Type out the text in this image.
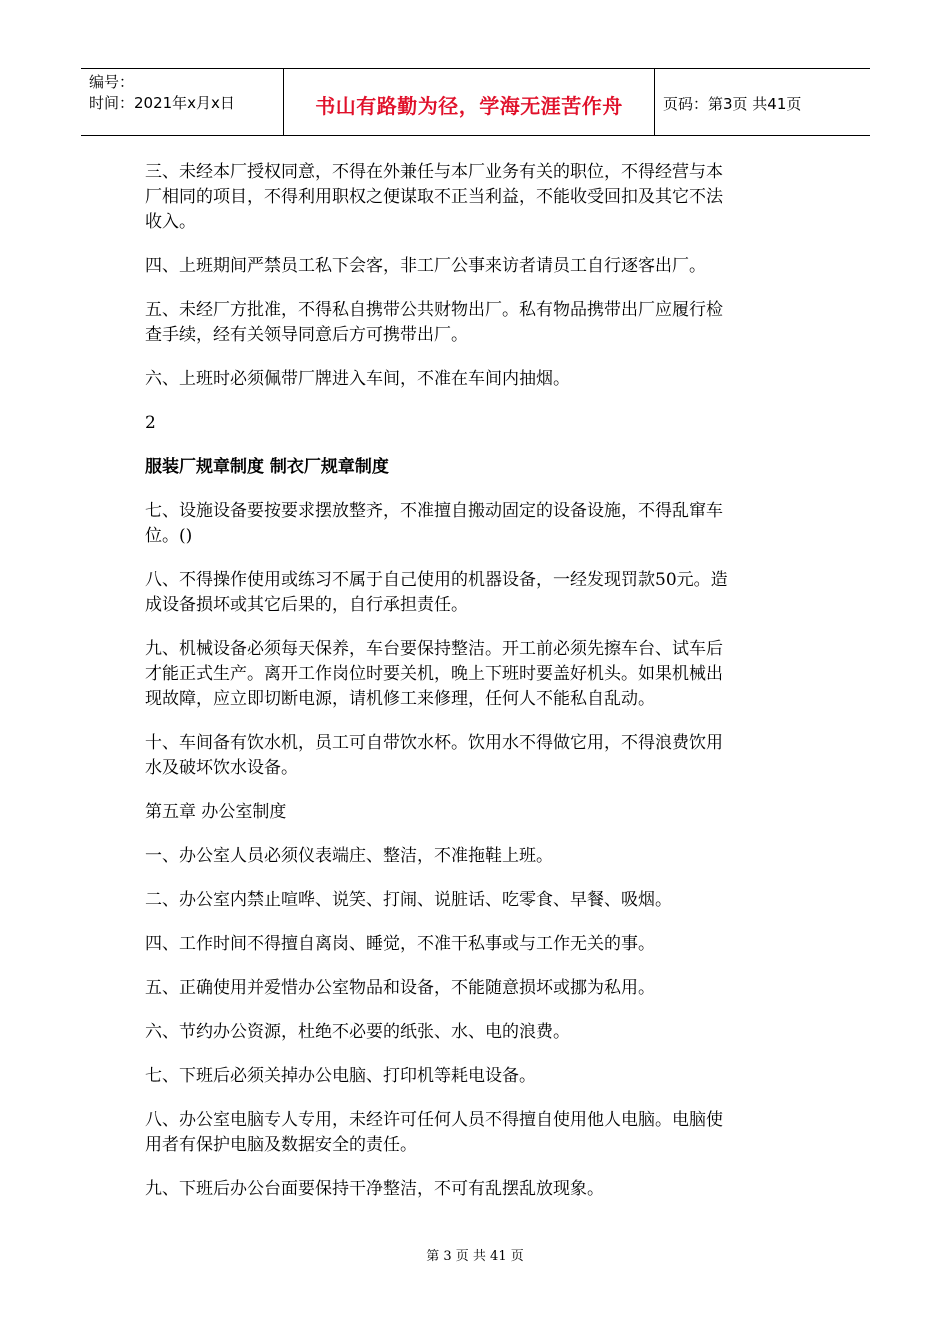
编号：
时间：2021年x月x日	书山有路勤为径，学海无涯苦作舟	页码：第3页 共41页
三、未经本厂授权同意，不得在外兼任与本厂业务有关的职位，不得经营与本
厂相同的项目，不得利用职权之便谋取不正当利益，不能收受回扣及其它不法
收入。
四、上班期间严禁员工私下会客，非工厂公事来访者请员工自行逐客出厂。
五、未经厂方批准，不得私自携带公共财物出厂。私有物品携带出厂应履行检
查手续，经有关领导同意后方可携带出厂。
六、上班时必须佩带厂牌进入车间，不准在车间内抽烟。
2
服装厂规章制度 制衣厂规章制度
七、设施设备要按要求摆放整齐，不准擅自搬动固定的设备设施，不得乱窜车
位。()
八、不得操作使用或练习不属于自己使用的机器设备，一经发现罚款50元。造
成设备损坏或其它后果的，自行承担责任。
九、机械设备必须每天保养，车台要保持整洁。开工前必须先擦车台、试车后
才能正式生产。离开工作岗位时要关机，晚上下班时要盖好机头。如果机械出
现故障，应立即切断电源，请机修工来修理，任何人不能私自乱动。
十、车间备有饮水机，员工可自带饮水杯。饮用水不得做它用，不得浪费饮用
水及破坏饮水设备。
第五章 办公室制度
一、办公室人员必须仪表端庄、整洁，不准拖鞋上班。
二、办公室内禁止喧哗、说笑、打闹、说脏话、吃零食、早餐、吸烟。
四、工作时间不得擅自离岗、睡觉，不准干私事或与工作无关的事。
五、正确使用并爱惜办公室物品和设备，不能随意损坏或挪为私用。
六、节约办公资源，杜绝不必要的纸张、水、电的浪费。
七、下班后必须关掉办公电脑、打印机等耗电设备。
八、办公室电脑专人专用，未经许可任何人员不得擅自使用他人电脑。电脑使
用者有保护电脑及数据安全的责任。
九、下班后办公台面要保持干净整洁，不可有乱摆乱放现象。
第 3 页 共 41 页
